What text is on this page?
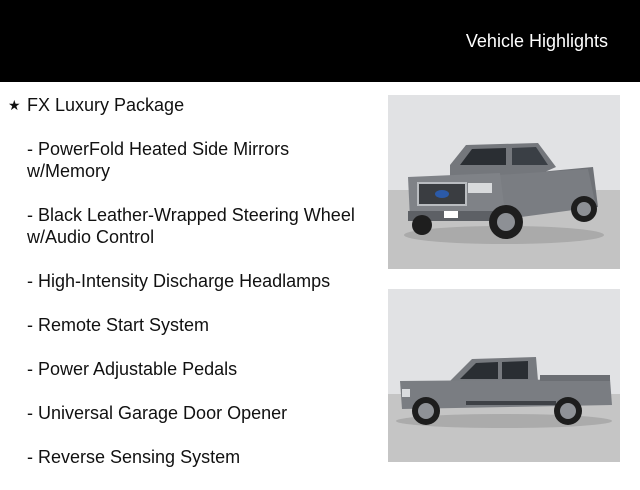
Vehicle Highlights
★ FX Luxury Package
- PowerFold Heated Side Mirrors w/Memory
- Black Leather-Wrapped Steering Wheel w/Audio Control
- High-Intensity Discharge Headlamps
- Remote Start System
- Power Adjustable Pedals
- Universal Garage Door Opener
- Reverse Sensing System
